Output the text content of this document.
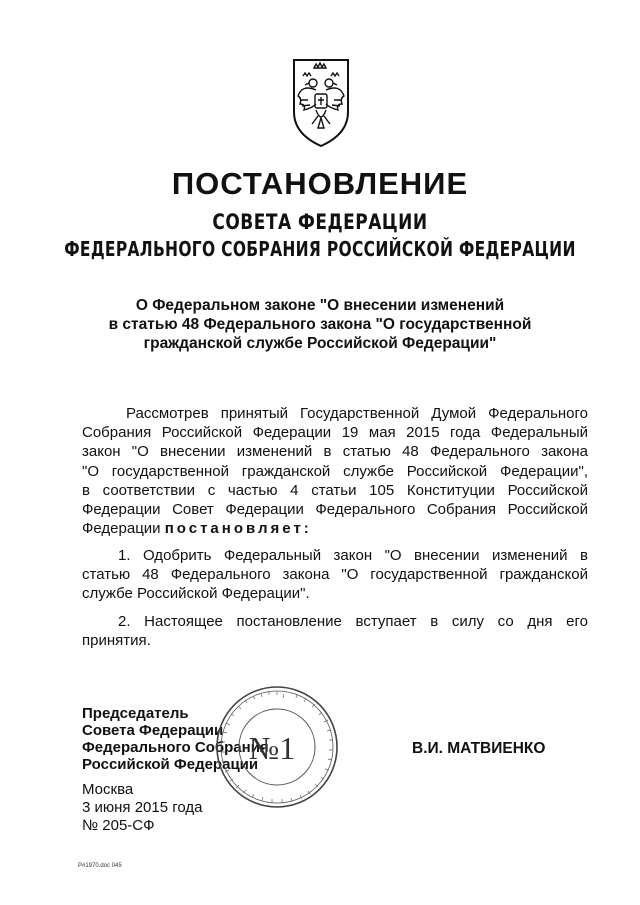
ПОСТАНОВЛЕНИЕ
СОВЕТА ФЕДЕРАЦИИ
ФЕДЕРАЛЬНОГО СОБРАНИЯ РОССИЙСКОЙ ФЕДЕРАЦИИ
О Федеральном законе "О внесении изменений
в статью 48 Федерального закона "О государственной
гражданской службе Российской Федерации"
Рассмотрев принятый Государственной Думой Федерального
Собрания Российской Федерации 19 мая 2015 года Федеральный
закон "О внесении изменений в статью 48 Федерального закона
"О государственной гражданской службе Российской Федерации",
в соответствии с частью 4 статьи 105 Конституции Российской
Федерации Совет Федерации Федерального Собрания Российской
Федерации постановляет:
1. Одобрить Федеральный закон "О внесении изменений в
статью 48 Федерального закона "О государственной гражданской
службе Российской Федерации".
2. Настоящее постановление вступает в силу со дня его
принятия.
Председатель
Совета Федерации
Федерального Собрания
Российской Федерации
№1	В.И. МАТВИЕНКО
Москва
3 июня 2015 года
№ 205-СФ
Р#1970.doc 045
